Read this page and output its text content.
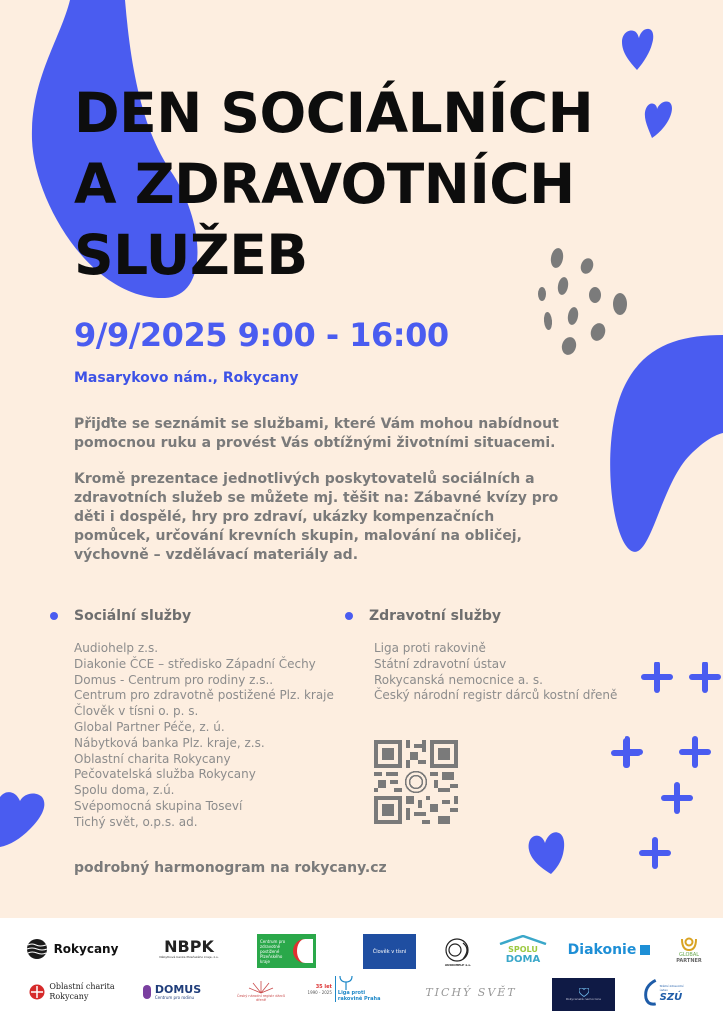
DEN SOCIÁLNÍCH
A ZDRAVOTNÍCH
SLUŽEB
9/9/2025 9:00 - 16:00
Masarykovo nám., Rokycany

Přijďte se seznámit se službami, které Vám mohou nabídnout pomocnou ruku a provést Vás obtížnými životními situacemi.

Kromě prezentace jednotlivých poskytovatelů sociálních a zdravotních služeb se můžete mj. těšit na: Zábavné kvízy pro děti i dospělé, hry pro zdraví, ukázky kompenzačních pomůcek, určování krevních skupin, malování na obličej, výchovně – vzdělávací materiály ad.

Sociální služby
Audiohelp z.s.
Diakonie ČCE – středisko Západní Čechy
Domus - Centrum pro rodiny z.s..
Centrum pro zdravotně postižené Plz. kraje
Člověk v tísni o. p. s.
Global Partner Péče, z. ú.
Nábytková banka Plz. kraje, z.s.
Oblastní charita Rokycany
Pečovatelská služba Rokycany
Spolu doma, z.ú.
Svépomocná skupina Toseví
Tichý svět, o.p.s. ad.
Zdravotní služby
Liga proti rakovině
Státní zdravotní ústav
Rokycanská nemocnice a. s.
Český národní registr dárců kostní dřeně
podrobný harmonogram na rokycany.cz
Rokycany	NBPK
Nábytková banka Plzeňského kraje, z.s.
Centrum pro zdravotně postižené Plzeňského kraje
Člověk v tísni
AUDIOHELP z.s.
SPOLU
DOMA
Diakonie	GLOBAL
PARTNER
Oblastní charita
Rokycany
DOMUS
Centrum pro rodinu	Český národní registr dárců dřeně
35 let
1990 - 2025 Liga proti
rakovině Praha
TICHÝ SVĚT
Rokycanská nemocnice
Státní zdravotní ústav
SZÚ
